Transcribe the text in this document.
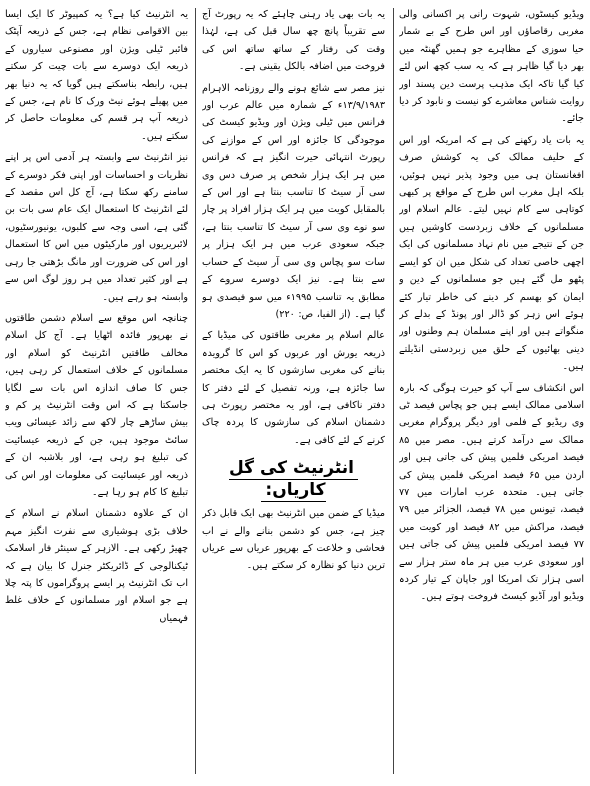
ویڈیو کیسٹوں، شہوت رانی پر اکسانی والی مغربی رقاصاؤں اور اس طرح کے بے شمار حیا سوزی کے مظاہرے جو ہمیں گھنٹہ میں بھر دیا گیا ظاہر ہے کہ یہ سب کچھ اس لئے کیا گیا تاکہ ایک مذہب پرست دین پسند اور روایت شناس معاشرے کو نیست و نابود کر دیا جائے۔

یہ بات یاد رکھنے کی ہے کہ امریکہ اور اس کے حلیف ممالک کی یہ کوشش صرف افغانستان ہی میں وجود پذیر نہیں ہوئیں، بلکہ اہل مغرب اس طرح کے مواقع پر کبھی کوتاہی سے کام نہیں لیتے۔ عالم اسلام اور مسلمانوں کے خلاف زبردست کاوشیں ہیں جن کے نتیجے میں نام نہاد مسلمانوں کی ایک اچھی خاصی تعداد کی شکل میں ان کو ایسے پٹھو مل گئے ہیں جو مسلمانوں کے دین و ایمان کو بھسم کر دینے کی خاطر تیار کئے ہوئے اس زہر کو ڈالر اور پونڈ کے بدلے کر منگواتے ہیں اور اپنے مسلمان ہم وطنوں اور دینی بھائیوں کے حلق میں زبردستی انڈیلتے ہیں۔

اس انکشاف سے آپ کو حیرت ہوگی کہ بارہ اسلامی ممالک ایسے ہیں جو پچاس فیصد ٹی وی ریڈیو کے فلمی اور دیگر پروگرام مغربی ممالک سے درآمد کرتے ہیں۔ مصر میں ۸۵ فیصد امریکی فلمیں پیش کی جاتی ہیں اور اردن میں ۶۵ فیصد امریکی فلمیں پیش کی جاتی ہیں۔ متحدہ عرب امارات میں ۷۷ فیصد، تیونس میں ۷۸ فیصد، الجزائر میں ۷۹ فیصد، مراکش میں ۸۲ فیصد اور کویت میں ۷۷ فیصد امریکی فلمیں پیش کی جاتی ہیں اور سعودی عرب میں ہر ماہ ستر ہزار سے اسی ہزار تک امریکا اور جاپان کے تیار کردہ ویڈیو اور آڈیو کیسٹ فروخت ہوتے ہیں۔

یہ بات بھی یاد رہنی چاہئے کہ یہ رپورٹ آج سے تقریباً پانچ چھ سال قبل کی ہے، لہٰذا وقت کی رفتار کے ساتھ ساتھ اس کی فروخت میں اضافہ بالکل یقینی ہے۔

نیز مصر سے شائع ہونے والے روزنامہ الاہرام ۱۳/۹/۱۹۸۳ء کے شمارہ میں عالم عرب اور فرانس میں ٹیلی ویژن اور ویڈیو کیسٹ کی موجودگی کا جائزہ اور اس کے موازنے کی رپورٹ انتہائی حیرت انگیز ہے کہ فرانس میں ہر ایک ہزار شخص پر صرف دس وی سی آر سیٹ کا تناسب بنتا ہے اور اس کے بالمقابل کویت میں ہر ایک ہزار افراد پر چار سو نوے وی سی آر سیٹ کا تناسب بنتا ہے، جبکہ سعودی عرب میں ہر ایک ہزار پر سات سو پچاس وی سی آر سیٹ کے حساب سے بنتا ہے۔ نیز ایک دوسرے سروے کے مطابق یہ تناسب ۱۹۹۵ء میں سو فیصدی ہو گیا ہے۔ (از الفیا، ص: ۲۲۰)

عالم اسلام پر مغربی طاقتوں کی میڈیا کے ذریعہ یورش اور عربوں کو اس کا گرویدہ بنانے کی مغربی سازشوں کا یہ ایک مختصر سا جائزہ ہے، ورنہ تفصیل کے لئے دفتر کا دفتر ناکافی ہے، اور یہ مختصر رپورٹ ہی دشمنان اسلام کی سازشوں کا پردہ چاک کرنے کے لئے کافی ہے۔

انٹرنیٹ کی گل کاریاں:

میڈیا کے ضمن میں انٹرنیٹ بھی ایک قابل ذکر چیز ہے، جس کو دشمن بنانے والے نے اب فحاشی و خلاعت کے بھرپور عریاں سے عریاں ترین دنیا کو نظارہ کر سکتے ہیں۔

یہ انٹرنیٹ کیا ہے؟ یہ کمپیوٹر کا ایک ایسا بین الاقوامی نظام ہے، جس کے ذریعہ آپٹک فائبر ٹیلی ویژن اور مصنوعی سیاروں کے ذریعہ ایک دوسرے سے بات چیت کر سکتے ہیں، رابطہ بناسکتے ہیں گویا کہ یہ دنیا بھر میں پھیلے ہوئے نیٹ ورک کا نام ہے، جس کے ذریعہ آپ ہر قسم کی معلومات حاصل کر سکتے ہیں۔

نیز انٹرنیٹ سے وابستہ ہر آدمی اس پر اپنے نظریات و احساسات اور اپنی فکر دوسرے کے سامنے رکھ سکتا ہے، آج کل اس مقصد کے لئے انٹرنیٹ کا استعمال ایک عام سی بات بن گئی ہے، اسی وجہ سے کلبوں، یونیورسٹیوں، لائبریریوں اور مارکیٹوں میں اس کا استعمال اور اس کی ضرورت اور مانگ بڑھتی جا رہی ہے اور کثیر تعداد میں ہر روز لوگ اس سے وابستہ ہو رہے ہیں۔

چنانچہ اس موقع سے اسلام دشمن طاقتوں نے بھرپور فائدہ اٹھایا ہے۔ آج کل اسلام مخالف طاقتیں انٹرنیٹ کو اسلام اور مسلمانوں کے خلاف استعمال کر رہی ہیں، جس کا صاف اندازہ اس بات سے لگایا جاسکتا ہے کہ اس وقت انٹرنیٹ پر کم و بیش ساڑھے چار لاکھ سے زائد عیسائی ویب سائٹ موجود ہیں، جن کے ذریعہ عیسائیت کی تبلیغ ہو رہی ہے، اور بلاشبہ ان کے ذریعہ اور عیسائیت کی معلومات اور اس کی تبلیغ کا کام ہو رہا ہے۔

ان کے علاوہ دشمنان اسلام نے اسلام کے خلاف بڑی ہوشیاری سے نفرت انگیز مہم چھیڑ رکھی ہے۔ الازہر کے سینٹر فار اسلامک ٹیکنالوجی کے ڈائریکٹر جنرل کا بیان ہے کہ اب تک انٹرنیٹ پر ایسے پروگراموں کا پتہ چلا ہے جو اسلام اور مسلمانوں کے خلاف غلط فہمیاں
